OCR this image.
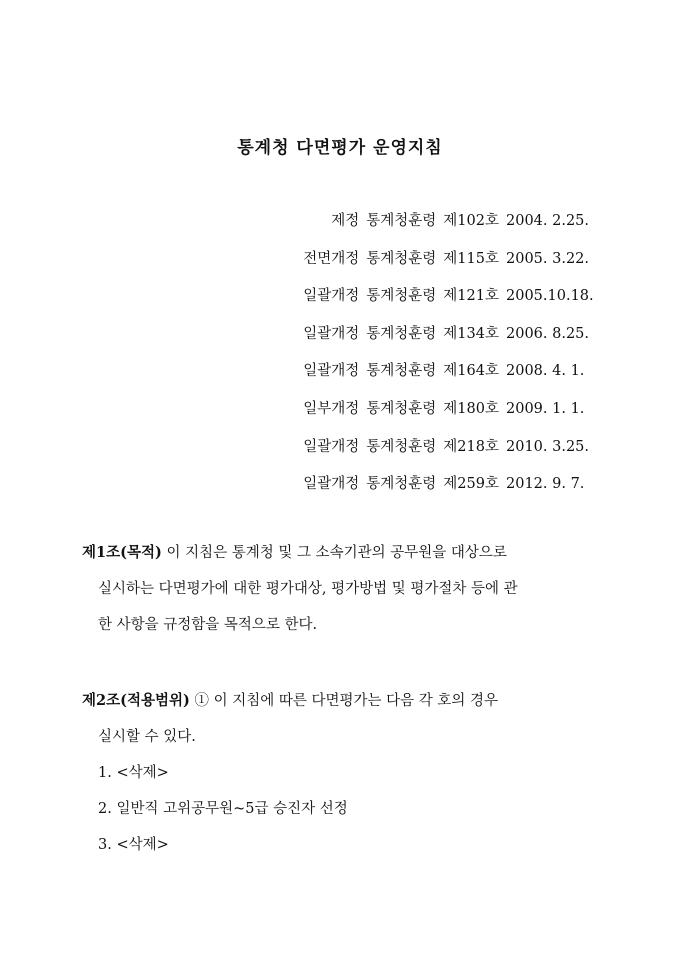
통계청 다면평가 운영지침
제정 통계청훈령 제102호 2004. 2.25.
전면개정 통계청훈령 제115호 2005. 3.22.
일괄개정 통계청훈령 제121호 2005.10.18.
일괄개정 통계청훈령 제134호 2006. 8.25.
일괄개정 통계청훈령 제164호 2008. 4. 1.
일부개정 통계청훈령 제180호 2009. 1. 1.
일괄개정 통계청훈령 제218호 2010. 3.25.
일괄개정 통계청훈령 제259호 2012. 9. 7.
제1조(목적) 이 지침은 통계청 및 그 소속기관의 공무원을 대상으로
실시하는 다면평가에 대한 평가대상, 평가방법 및 평가절차 등에 관
한 사항을 규정함을 목적으로 한다.
제2조(적용범위) ① 이 지침에 따른 다면평가는 다음 각 호의 경우
실시할 수 있다.
1. <삭제>
2. 일반직 고위공무원~5급 승진자 선정
3. <삭제>
